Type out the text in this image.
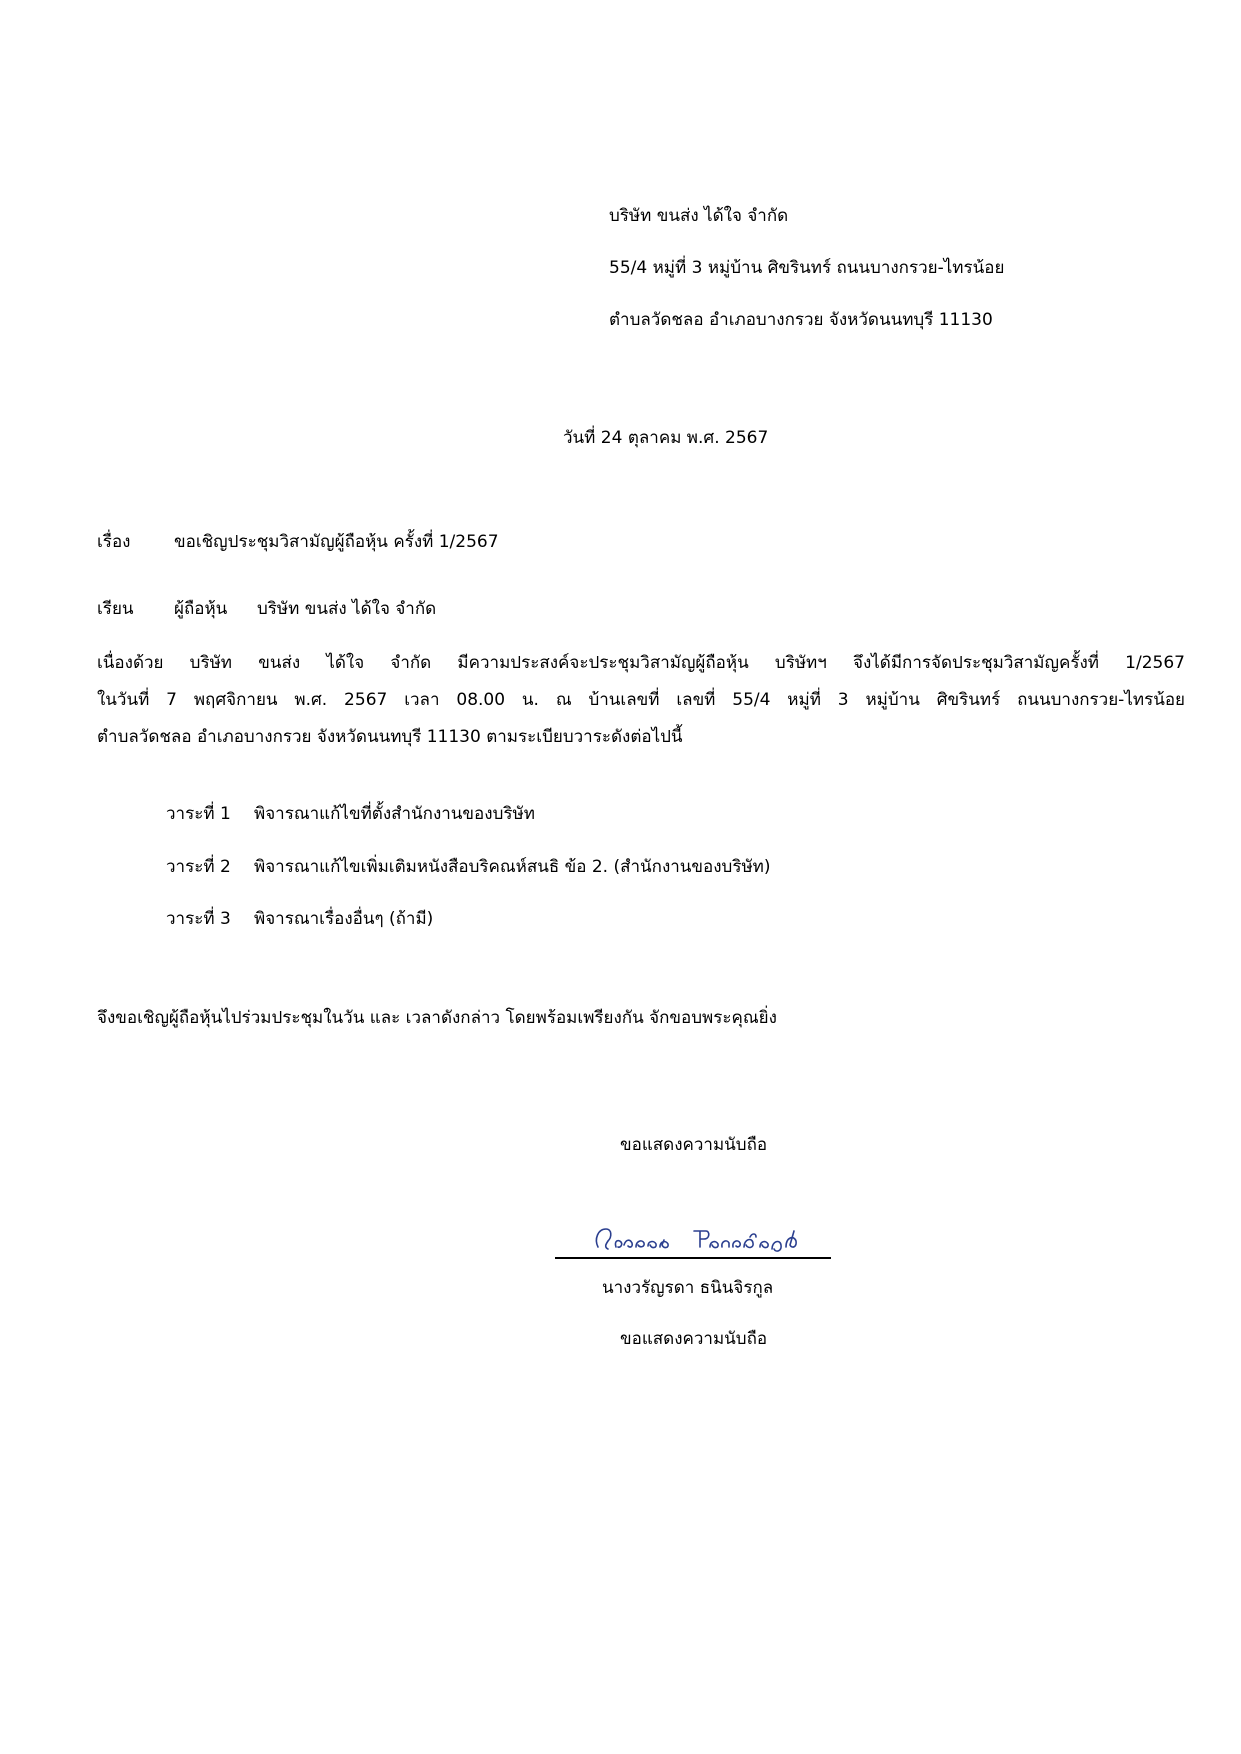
บริษัท ขนส่ง ได้ใจ จำกัด
55/4 หมู่ที่ 3 หมู่บ้าน ศิขรินทร์ ถนนบางกรวย-ไทรน้อย
ตำบลวัดชลอ อำเภอบางกรวย จังหวัดนนทบุรี 11130
วันที่ 24 ตุลาคม พ.ศ. 2567
เรื่อง	ขอเชิญประชุมวิสามัญผู้ถือหุ้น ครั้งที่ 1/2567
เรียน ผู้ถือหุ้น บริษัท ขนส่ง ได้ใจ จำกัด
เนื่องด้วย บริษัท ขนส่ง ได้ใจ จำกัด มีความประสงค์จะประชุมวิสามัญผู้ถือหุ้น บริษัทฯ จึงได้มีการจัดประชุมวิสามัญครั้งที่ 1/2567
ในวันที่ 7 พฤศจิกายน พ.ศ. 2567 เวลา 08.00 น. ณ บ้านเลขที่ เลขที่ 55/4 หมู่ที่ 3 หมู่บ้าน ศิขรินทร์ ถนนบางกรวย-ไทรน้อย
ตำบลวัดชลอ อำเภอบางกรวย จังหวัดนนทบุรี 11130 ตามระเบียบวาระดังต่อไปนี้
วาระที่ 1 พิจารณาแก้ไขที่ตั้งสำนักงานของบริษัท
วาระที่ 2 พิจารณาแก้ไขเพิ่มเติมหนังสือบริคณห์สนธิ ข้อ 2. (สำนักงานของบริษัท)
วาระที่ 3 พิจารณาเรื่องอื่นๆ (ถ้ามี)
จึงขอเชิญผู้ถือหุ้นไปร่วมประชุมในวัน และ เวลาดังกล่าว โดยพร้อมเพรียงกัน จักขอบพระคุณยิ่ง
ขอแสดงความนับถือ
นางวรัญรดา ธนินจิรกูล
ขอแสดงความนับถือ
